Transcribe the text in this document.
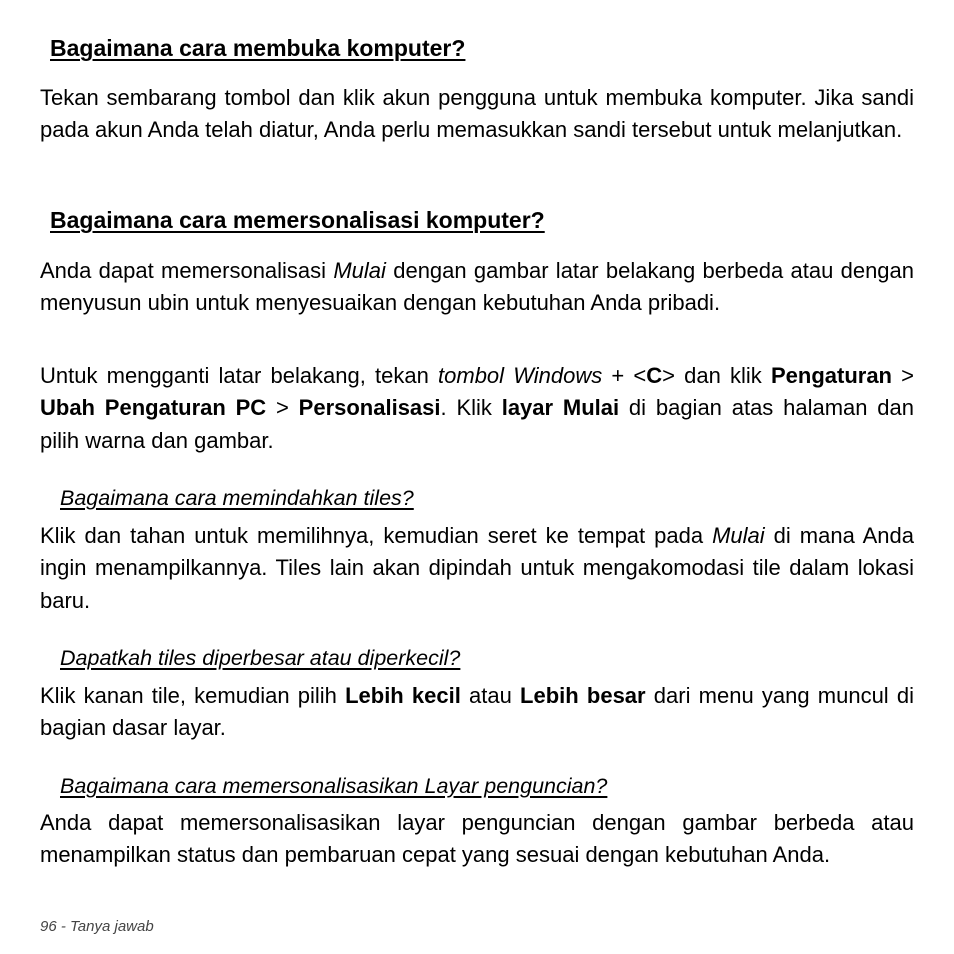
Bagaimana cara membuka komputer?

Tekan sembarang tombol dan klik akun pengguna untuk membuka komputer. Jika sandi pada akun Anda telah diatur, Anda perlu memasukkan sandi tersebut untuk melanjutkan.

Bagaimana cara memersonalisasi komputer?

Anda dapat memersonalisasi Mulai dengan gambar latar belakang berbeda atau dengan menyusun ubin untuk menyesuaikan dengan kebutuhan Anda pribadi.

Untuk mengganti latar belakang, tekan tombol Windows + <C> dan klik Pengaturan > Ubah Pengaturan PC > Personalisasi. Klik layar Mulai di bagian atas halaman dan pilih warna dan gambar.

Bagaimana cara memindahkan tiles?

Klik dan tahan untuk memilihnya, kemudian seret ke tempat pada Mulai di mana Anda ingin menampilkannya. Tiles lain akan dipindah untuk mengakomodasi tile dalam lokasi baru.

Dapatkah tiles diperbesar atau diperkecil?

Klik kanan tile, kemudian pilih Lebih kecil atau Lebih besar dari menu yang muncul di bagian dasar layar.

Bagaimana cara memersonalisasikan Layar penguncian?

Anda dapat memersonalisasikan layar penguncian dengan gambar berbeda atau menampilkan status dan pembaruan cepat yang sesuai dengan kebutuhan Anda.

96 - Tanya jawab
